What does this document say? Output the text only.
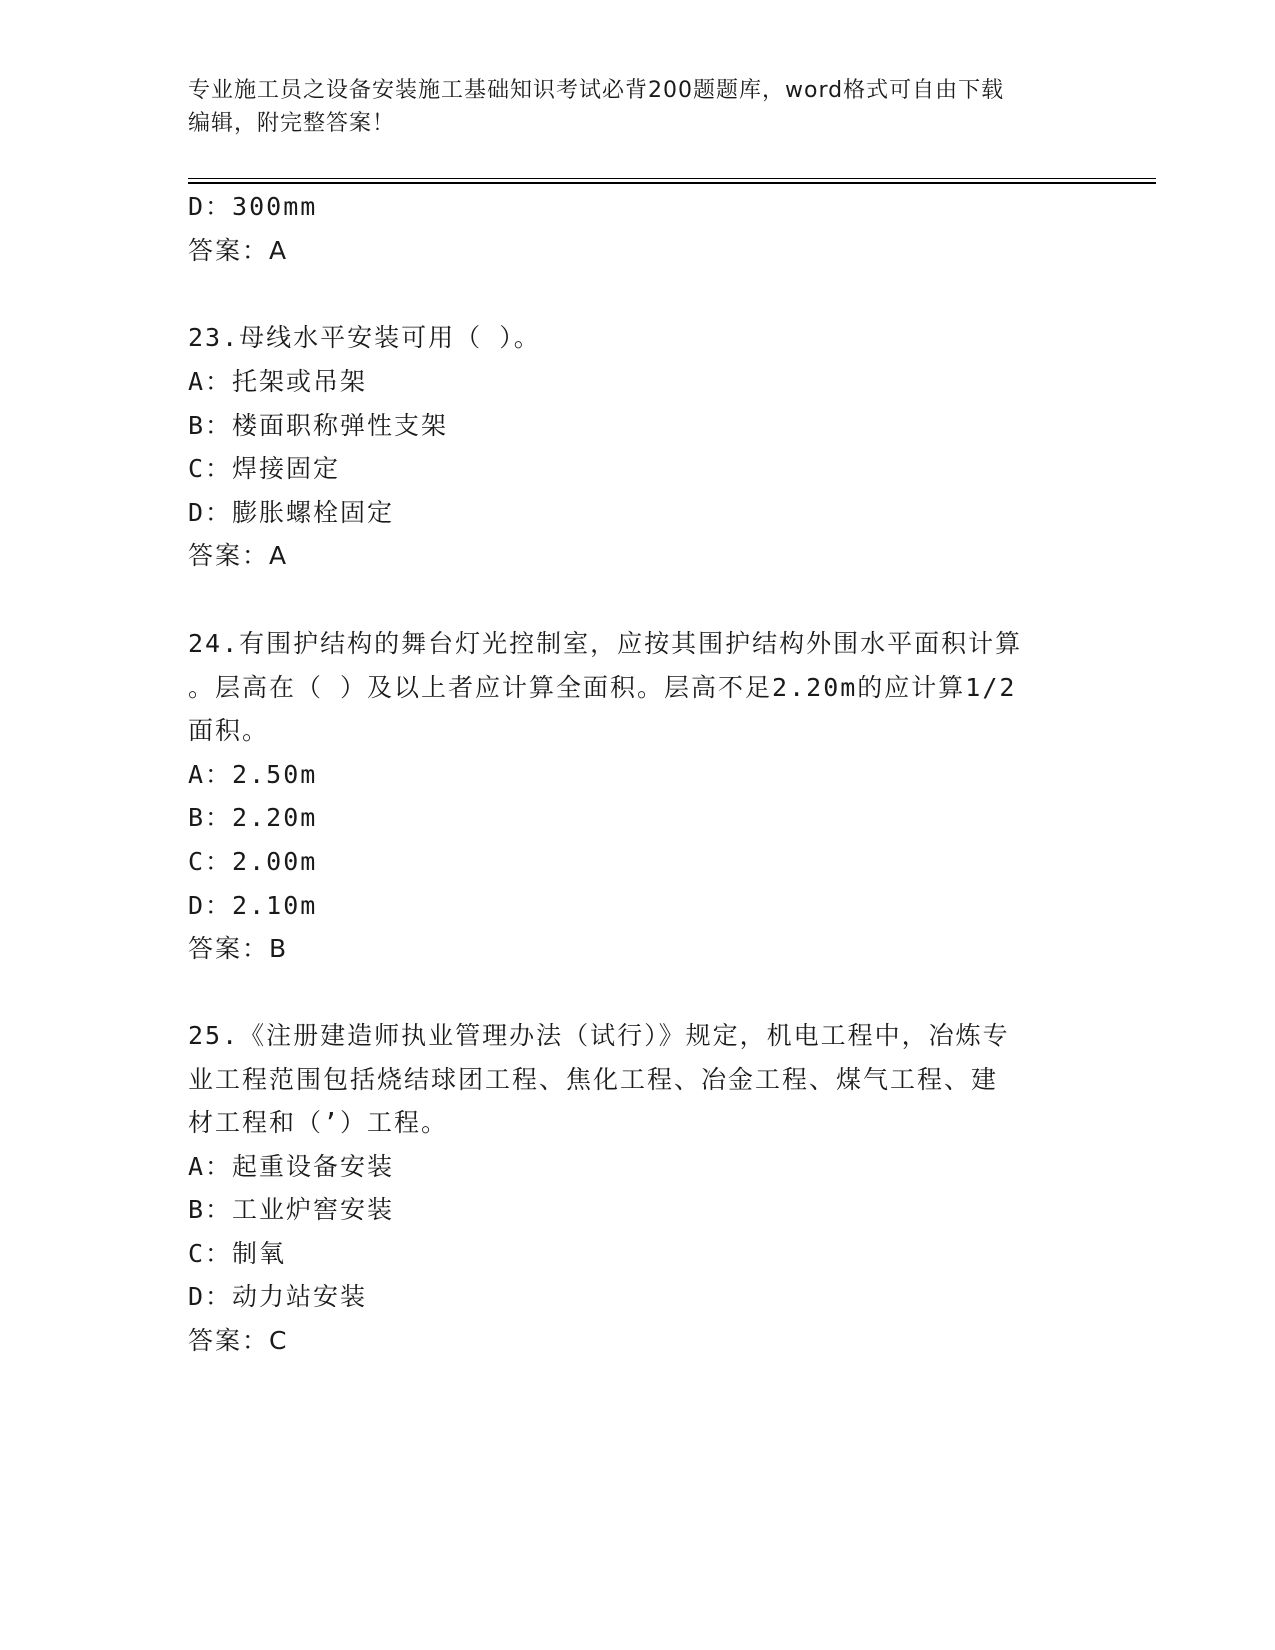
专业施工员之设备安装施工基础知识考试必背200题题库，word格式可自由下载
编辑，附完整答案！
D：300mm
答案：A
23.母线水平安装可用（ ）。
A：托架或吊架
B：楼面职称弹性支架
C：焊接固定
D：膨胀螺栓固定
答案：A
24.有围护结构的舞台灯光控制室，应按其围护结构外围水平面积计算
。层高在（ ）及以上者应计算全面积。层高不足2.20m的应计算1/2
面积。
A：2.50m
B：2.20m
C：2.00m
D：2.10m
答案：B
25.《注册建造师执业管理办法（试行）》规定，机电工程中，冶炼专
业工程范围包括烧结球团工程、焦化工程、冶金工程、煤气工程、建
材工程和（’）工程。
A：起重设备安装
B：工业炉窖安装
C：制氧
D：动力站安装
答案：C
